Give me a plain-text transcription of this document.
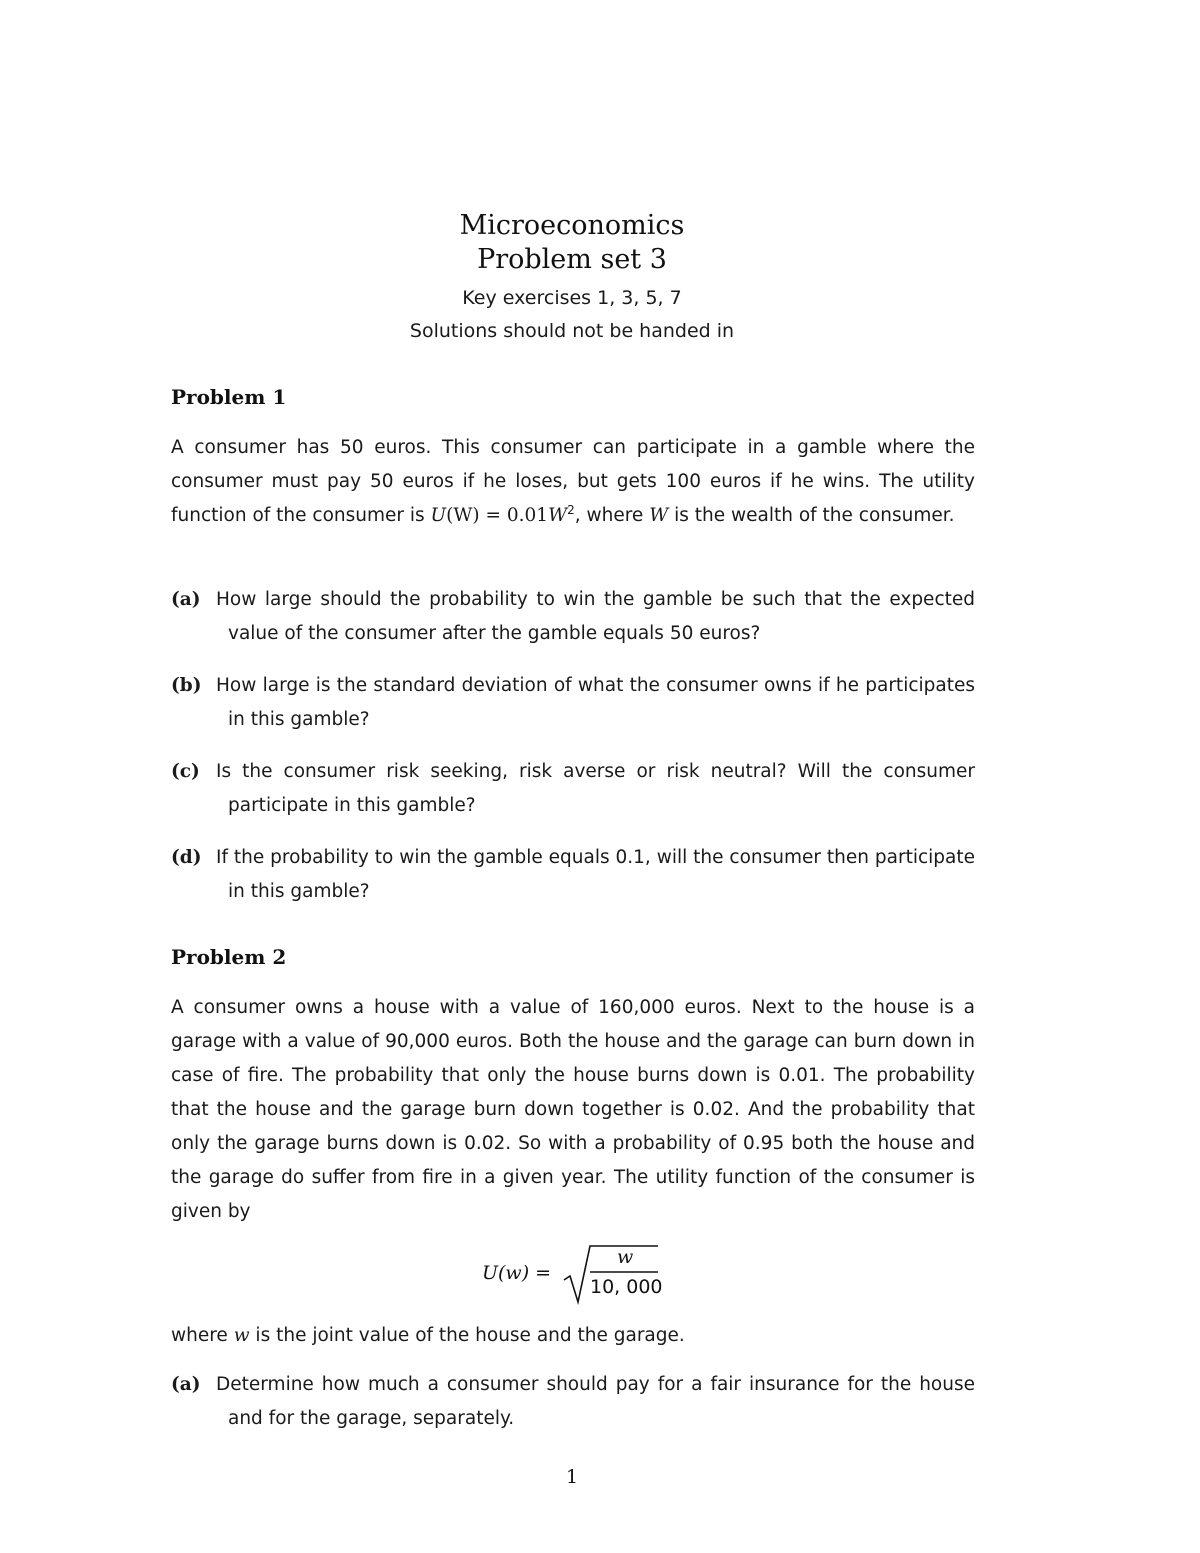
Microeconomics
Problem set 3
Key exercises 1, 3, 5, 7
Solutions should not be handed in
Problem 1

A consumer has 50 euros. This consumer can participate in a gamble where the consumer must pay 50 euros if he loses, but gets 100 euros if he wins. The utility function of the consumer is $U(W) = 0.01W^2$, where W is the wealth of the consumer.

(a) How large should the probability to win the gamble be such that the expected value of the consumer after the gamble equals 50 euros?
(b) How large is the standard deviation of what the consumer owns if he participates in this gamble?
(c) Is the consumer risk seeking, risk averse or risk neutral? Will the consumer participate in this gamble?
(d) If the probability to win the gamble equals 0.1, will the consumer then participate in this gamble?
Problem 2

A consumer owns a house with a value of 160,000 euros. Next to the house is a garage with a value of 90,000 euros. Both the house and the garage can burn down in case of fire. The probability that only the house burns down is 0.01. The probability that the house and the garage burn down together is 0.02. And the probability that only the garage burns down is 0.02. So with a probability of 0.95 both the house and the garage do suffer from fire in a given year. The utility function of the consumer is given by

U(w) =
w
10, 000

where w is the joint value of the house and the garage.

(a) Determine how much a consumer should pay for a fair insurance for the house and for the garage, separately.
1
